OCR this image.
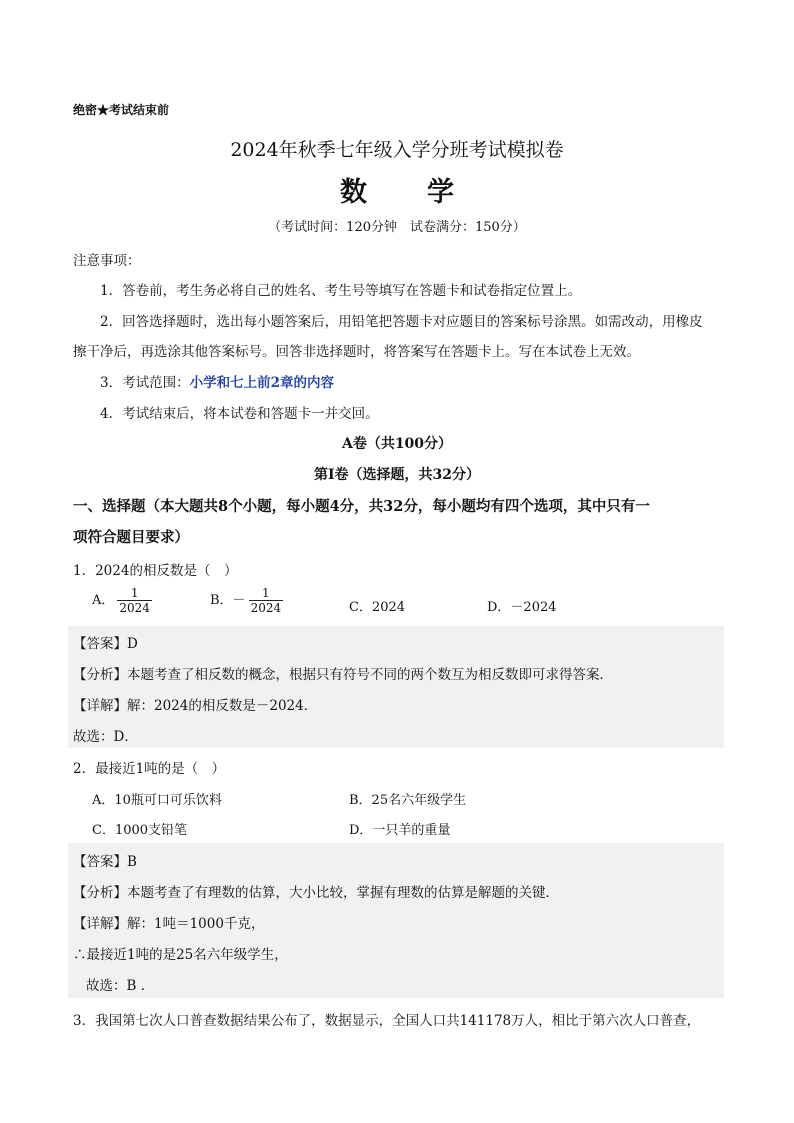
绝密★考试结束前
2024年秋季七年级入学分班考试模拟卷
数学
（考试时间：120分钟　试卷满分：150分）
注意事项：
1．答卷前，考生务必将自己的姓名、考生号等填写在答题卡和试卷指定位置上。
2．回答选择题时，选出每小题答案后，用铅笔把答题卡对应题目的答案标号涂黑。如需改动，用橡皮
擦干净后，再选涂其他答案标号。回答非选择题时，将答案写在答题卡上。写在本试卷上无效。
3．考试范围：小学和七上前2章的内容
4．考试结束后，将本试卷和答题卡一并交回。
A卷（共100分）
第I卷（选择题，共32分）
一、选择题（本大题共8个小题，每小题4分，共32分，每小题均有四个选项，其中只有一
项符合题目要求）
1．2024的相反数是（　）
A． $\frac{1}{2024}$	B．－ $\frac{1}{2024}$	C．2024	D．－2024
【答案】D
【分析】本题考查了相反数的概念，根据只有符号不同的两个数互为相反数即可求得答案．
【详解】解：2024的相反数是－2024．
故选：D．
2．最接近1吨的是（　）
A．10瓶可口可乐饮料	B．25名六年级学生
C．1000支铅笔	D．一只羊的重量
【答案】B
【分析】本题考查了有理数的估算，大小比较，掌握有理数的估算是解题的关键．
【详解】解：1吨＝1000千克，
∴最接近1吨的是25名六年级学生，
故选：B ．
3．我国第七次人口普查数据结果公布了，数据显示，全国人口共141178万人，相比于第六次人口普查，
